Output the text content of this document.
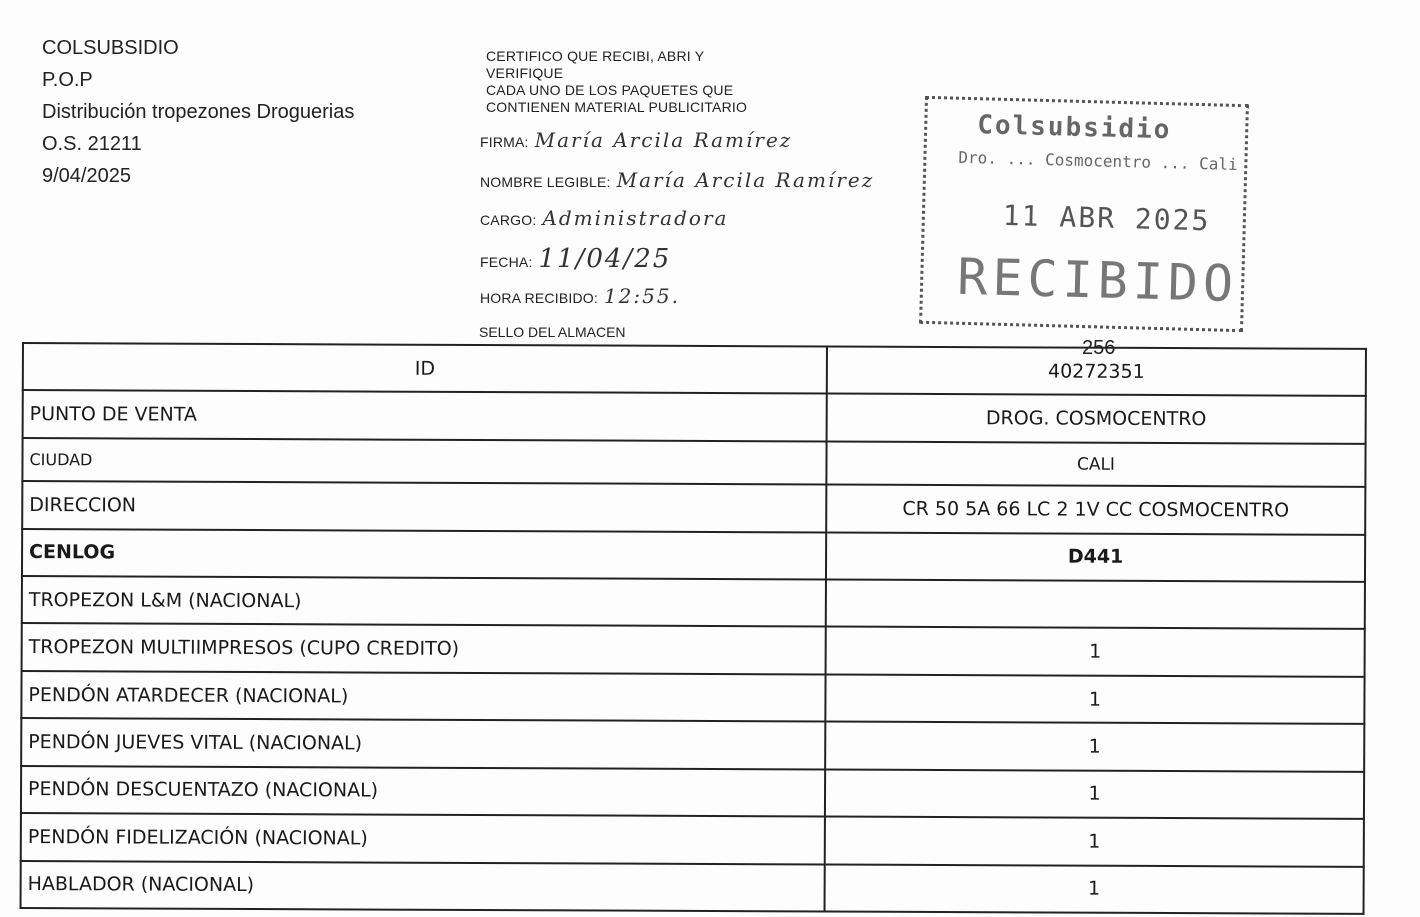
COLSUBSIDIO
P.O.P
Distribución tropezones Droguerias
O.S. 21211
9/04/2025
CERTIFICO QUE RECIBI, ABRI Y
VERIFIQUE
CADA UNO DE LOS PAQUETES QUE
CONTIENEN MATERIAL PUBLICITARIO
FIRMA: María Arcila Ramírez
NOMBRE LEGIBLE: María Arcila Ramírez
CARGO: Administradora
FECHA: 11/04/25
HORA RECIBIDO: 12:55.
SELLO DEL ALMACEN
Colsubsidio
Dro. ... Cosmocentro ... Cali
11 ABR 2025
RECIBIDO
256
ID	40272351
PUNTO DE VENTA	DROG. COSMOCENTRO
CIUDAD	CALI
DIRECCION	CR 50 5A 66 LC 2 1V CC COSMOCENTRO
CENLOG	D441
TROPEZON L&M (NACIONAL)	
TROPEZON MULTIIMPRESOS (CUPO CREDITO)	1
PENDÓN ATARDECER (NACIONAL)	1
PENDÓN JUEVES VITAL (NACIONAL)	1
PENDÓN DESCUENTAZO (NACIONAL)	1
PENDÓN FIDELIZACIÓN (NACIONAL)	1
HABLADOR (NACIONAL)	1
